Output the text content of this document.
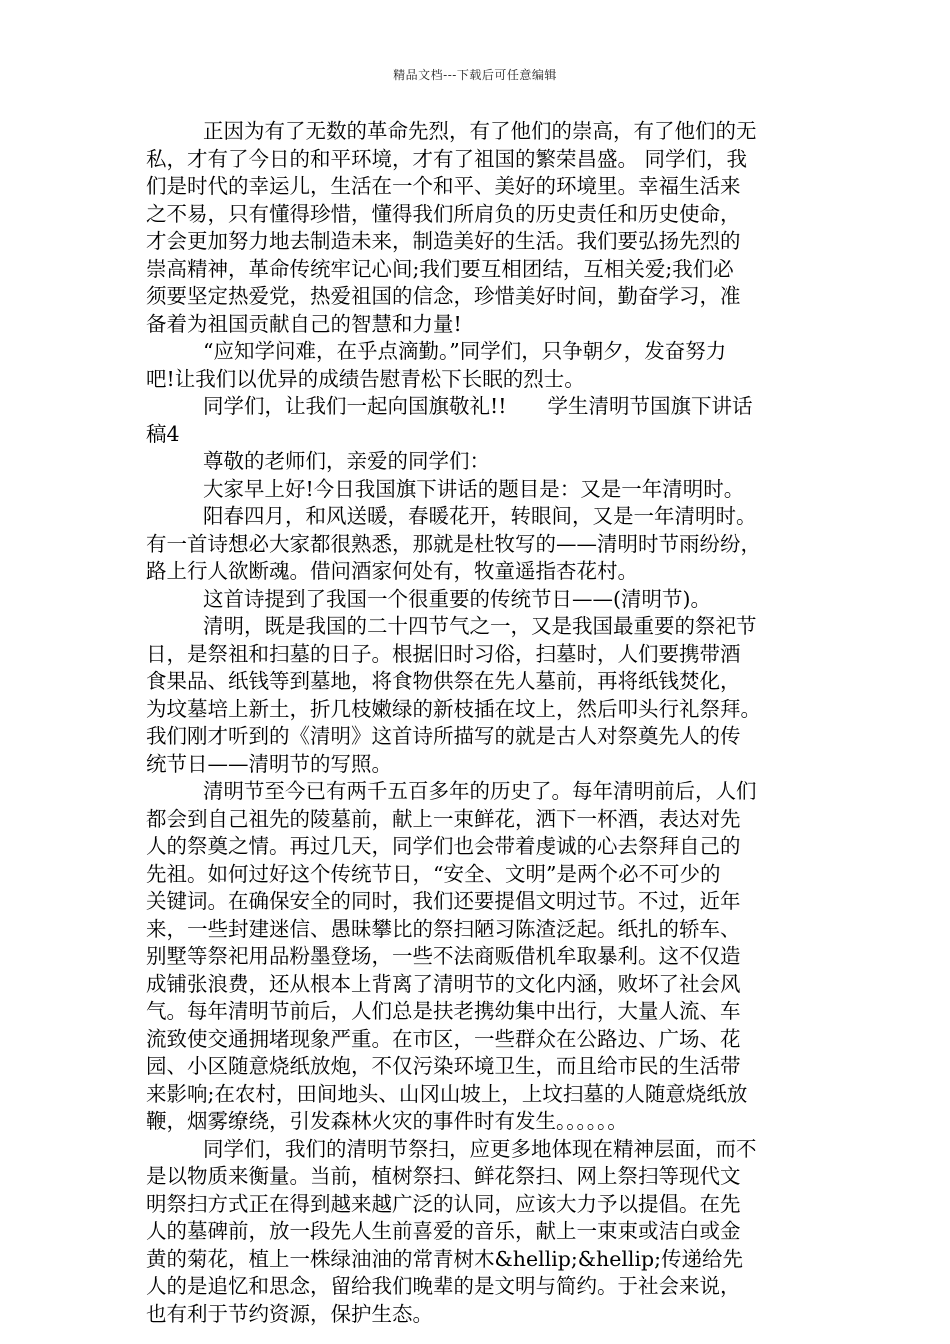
精品文档---下载后可任意编辑
正因为有了无数的革命先烈，有了他们的崇高，有了他们的无
私，才有了今日的和平环境，才有了祖国的繁荣昌盛。 同学们，我
们是时代的幸运儿，生活在一个和平、美好的环境里。幸福生活来
之不易，只有懂得珍惜，懂得我们所肩负的历史责任和历史使命，
才会更加努力地去制造未来，制造美好的生活。我们要弘扬先烈的
崇高精神，革命传统牢记心间;我们要互相团结，互相关爱;我们必
须要坚定热爱党，热爱祖国的信念，珍惜美好时间，勤奋学习，准
备着为祖国贡献自己的智慧和力量!
“应知学问难，在乎点滴勤。”同学们，只争朝夕，发奋努力
吧!让我们以优异的成绩告慰青松下长眠的烈士。
同学们，让我们一起向国旗敬礼!!　　学生清明节国旗下讲话
稿4
尊敬的老师们，亲爱的同学们：
大家早上好!今日我国旗下讲话的题目是：又是一年清明时。
阳春四月，和风送暖，春暖花开，转眼间，又是一年清明时。
有一首诗想必大家都很熟悉，那就是杜牧写的——清明时节雨纷纷，
路上行人欲断魂。借问酒家何处有，牧童遥指杏花村。
这首诗提到了我国一个很重要的传统节日——(清明节)。
清明，既是我国的二十四节气之一，又是我国最重要的祭祀节
日，是祭祖和扫墓的日子。根据旧时习俗，扫墓时，人们要携带酒
食果品、纸钱等到墓地，将食物供祭在先人墓前，再将纸钱焚化，
为坟墓培上新土，折几枝嫩绿的新枝插在坟上，然后叩头行礼祭拜。
我们刚才听到的《清明》这首诗所描写的就是古人对祭奠先人的传
统节日——清明节的写照。
清明节至今已有两千五百多年的历史了。每年清明前后，人们
都会到自己祖先的陵墓前，献上一束鲜花，洒下一杯酒，表达对先
人的祭奠之情。再过几天，同学们也会带着虔诚的心去祭拜自己的
先祖。如何过好这个传统节日，“安全、文明”是两个必不可少的
关键词。在确保安全的同时，我们还要提倡文明过节。不过，近年
来，一些封建迷信、愚昧攀比的祭扫陋习陈渣泛起。纸扎的轿车、
别墅等祭祀用品粉墨登场，一些不法商贩借机牟取暴利。这不仅造
成铺张浪费，还从根本上背离了清明节的文化内涵，败坏了社会风
气。每年清明节前后，人们总是扶老携幼集中出行，大量人流、车
流致使交通拥堵现象严重。在市区，一些群众在公路边、广场、花
园、小区随意烧纸放炮，不仅污染环境卫生，而且给市民的生活带
来影响;在农村，田间地头、山冈山坡上，上坟扫墓的人随意烧纸放
鞭，烟雾缭绕，引发森林火灾的事件时有发生。。。。。。
同学们，我们的清明节祭扫，应更多地体现在精神层面，而不
是以物质来衡量。当前，植树祭扫、鲜花祭扫、网上祭扫等现代文
明祭扫方式正在得到越来越广泛的认同，应该大力予以提倡。在先
人的墓碑前，放一段先人生前喜爱的音乐，献上一束束或洁白或金
黄的菊花，植上一株绿油油的常青树木&hellip;&hellip;传递给先
人的是追忆和思念，留给我们晚辈的是文明与简约。于社会来说，
也有利于节约资源，保护生态。
